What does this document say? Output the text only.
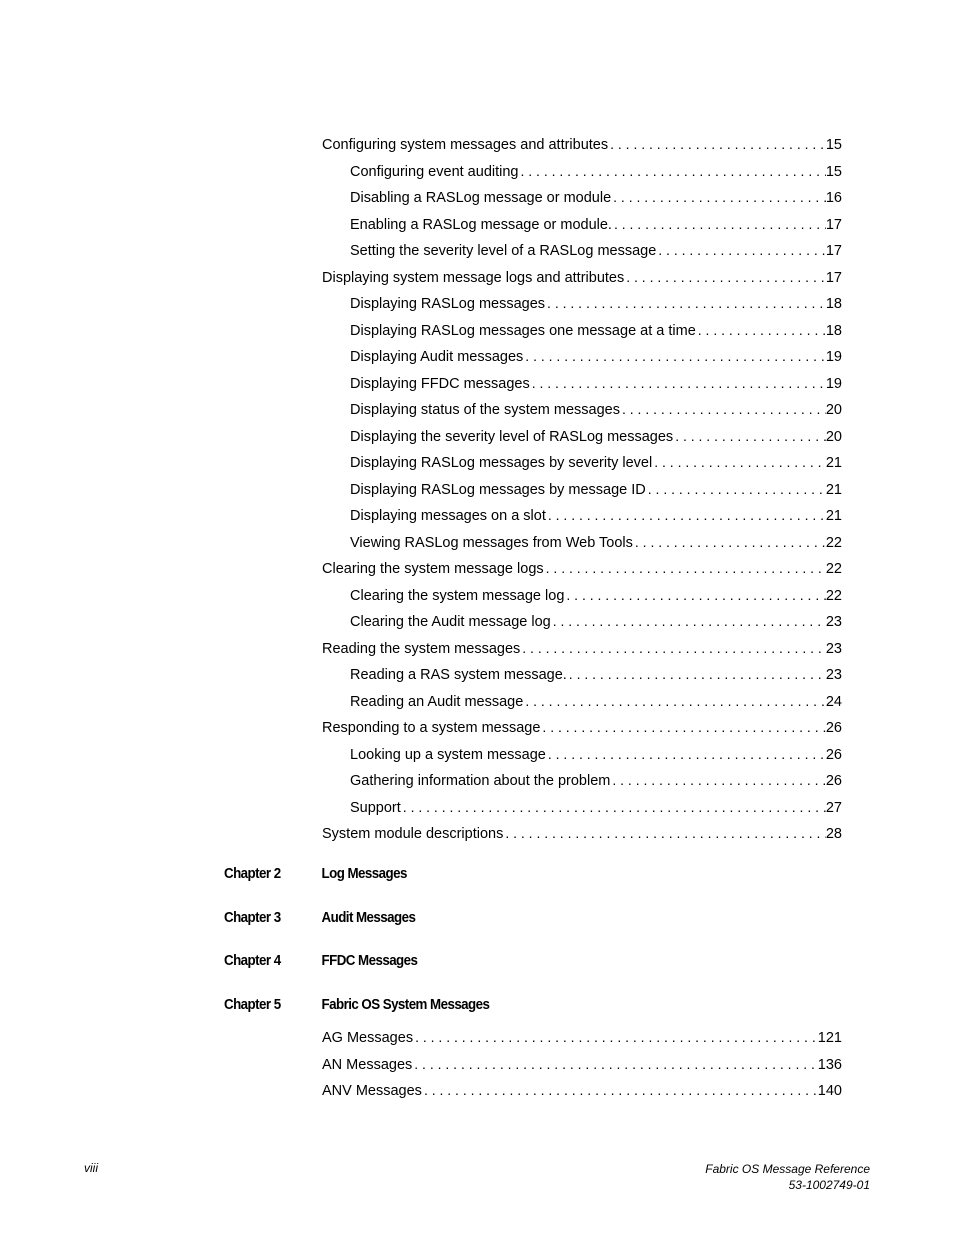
Configuring system messages and attributes . . .	15
Configuring event auditing . . .	15
Disabling a RASLog message or module . . .	16
Enabling a RASLog message or module. . . .	17
Setting the severity level of a RASLog message . . .	17
Displaying system message logs and attributes . . .	17
Displaying RASLog messages . . .	18
Displaying RASLog messages one message at a time . . .	18
Displaying Audit messages . . .	19
Displaying FFDC messages . . .	19
Displaying status of the system messages . . .	20
Displaying the severity level of RASLog messages . . .	20
Displaying RASLog messages by severity level . . .	21
Displaying RASLog messages by message ID . . .	21
Displaying messages on a slot . . .	21
Viewing RASLog messages from Web Tools . . .	22
Clearing the system message logs . . .	22
Clearing the system message log . . .	22
Clearing the Audit message log . . .	23
Reading the system messages . . .	23
Reading a RAS system message. . . .	23
Reading an Audit message . . .	24
Responding to a system message . . .	26
Looking up a system message . . .	26
Gathering information about the problem . . .	26
Support . . .	27
System module descriptions . . .	28
Chapter 2	Log Messages
Chapter 3	Audit Messages
Chapter 4	FFDC Messages
Chapter 5	Fabric OS System Messages
AG Messages . . .	121
AN Messages . . .	136
ANV Messages . . .	140
viii	Fabric OS Message Reference
53-1002749-01
